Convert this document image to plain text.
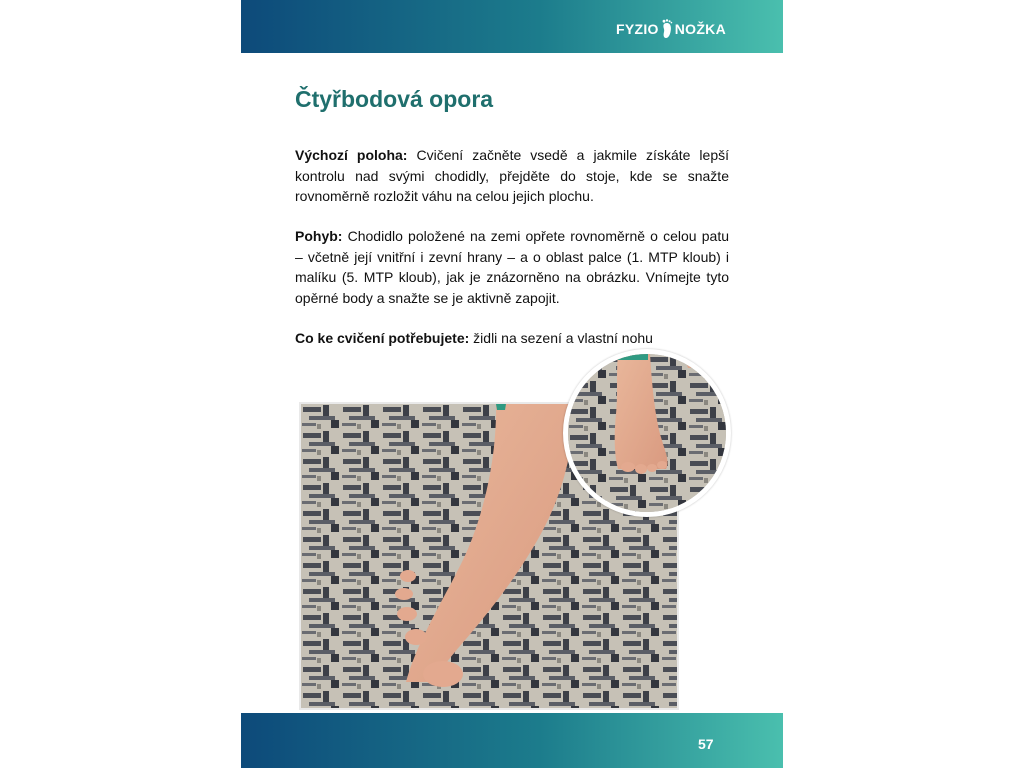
FYZIO NOŽKA
Čtyřbodová opora

Výchozí poloha: Cvičení začněte vsedě a jakmile získáte lepší kontrolu nad svými chodidly, přejděte do stoje, kde se snažte rovnoměrně rozložit váhu na celou jejich plochu.

Pohyb: Chodidlo položené na zemi opřete rovnoměrně o celou patu – včetně její vnitřní i zevní hrany – a o oblast palce (1. MTP kloub) i malíku (5. MTP kloub), jak je znázorněno na obrázku. Vnímejte tyto opěrné body a snažte se je aktivně zapojit.

Co ke cvičení potřebujete: židli na sezení a vlastní nohu

57
